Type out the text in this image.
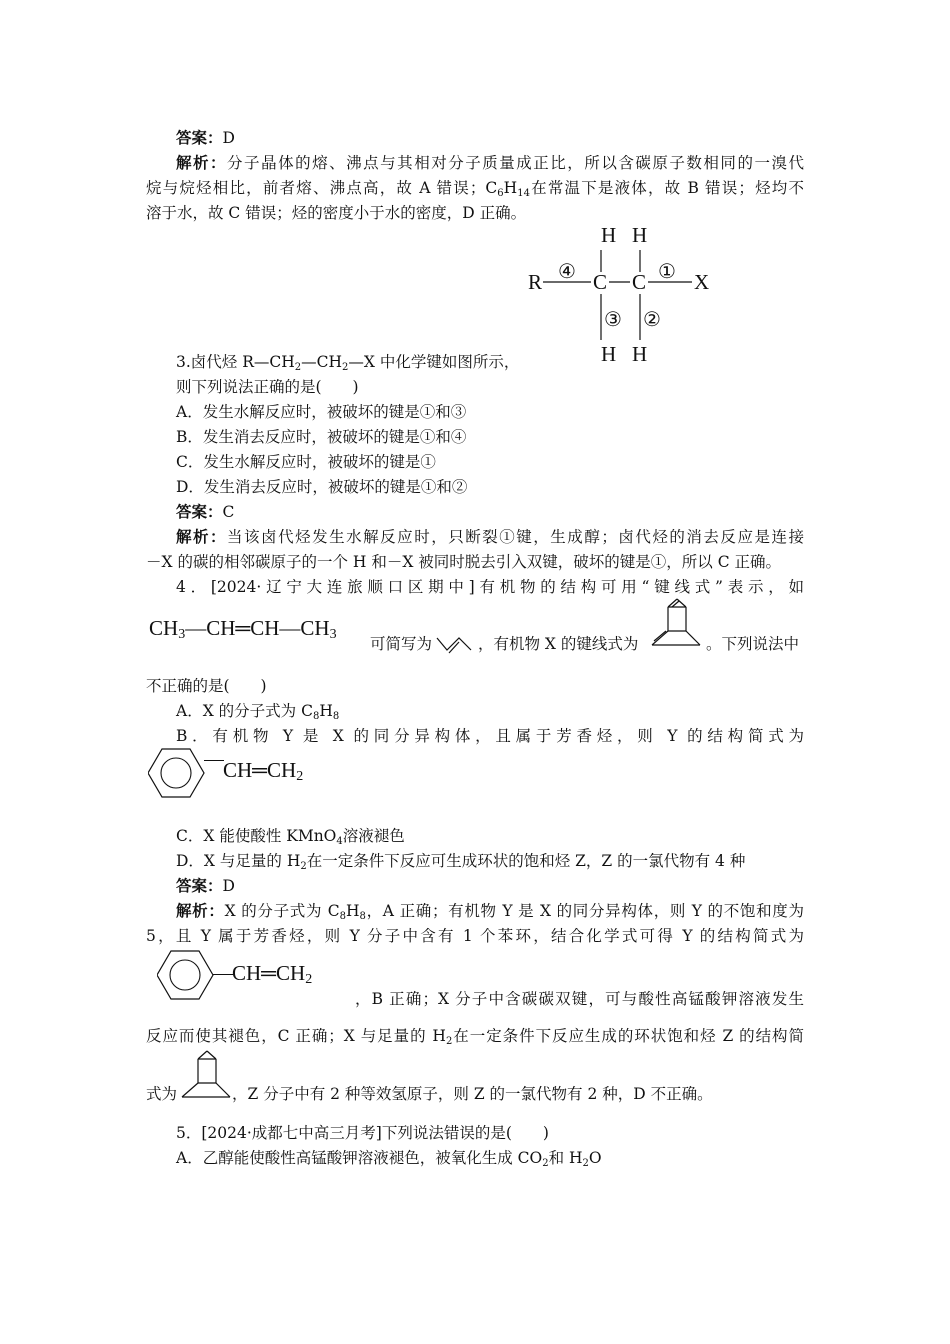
答案：D
解析：分子晶体的熔、沸点与其相对分子质量成正比，所以含碳原子数相同的一溴代
烷与烷烃相比，前者熔、沸点高，故 A 错误；$C_6H_{14}$在常温下是液体，故 B 错误；烃均不
溶于水，故 C 错误；烃的密度小于水的密度，D 正确。
H H
R C C X
H H
④	①
③ ②
3.卤代烃 $R—CH_2—CH_2—X$ 中化学键如图所示，
则下列说法正确的是(　　)
A．发生水解反应时，被破坏的键是①和③
B．发生消去反应时，被破坏的键是①和④
C．发生水解反应时，被破坏的键是①
D．发生消去反应时，被破坏的键是①和②
答案：C
解析：当该卤代烃发生水解反应时，只断裂①键，生成醇；卤代烃的消去反应是连接
－X 的碳的相邻碳原子的一个 H 和－X 被同时脱去引入双键，破坏的键是①，所以 C 正确。
4．[2024·辽宁大连旅顺口区期中]有机物的结构可用“键线式”表示，如
$CH_3—CH═CH—CH_3$
可简写为	，有机物 X 的键线式为	。下列说法中
不正确的是(　　)
A．X 的分子式为 $C_8H_8$
B．有机物 Y 是 X 的同分异构体，且属于芳香烃，则 Y 的结构简式为
$CH═CH_2$
C．X 能使酸性 KMnO$_4$溶液褪色
D．X 与足量的 $H_2$在一定条件下反应可生成环状的饱和烃 Z，Z 的一氯代物有 4 种
答案：D
解析：X 的分子式为 $C_8H_8$，A 正确；有机物 Y 是 X 的同分异构体，则 Y 的不饱和度为
5，且 Y 属于芳香烃，则 Y 分子中含有 1 个苯环，结合化学式可得 Y 的结构简式为
$CH═CH_2$
，B 正确；X 分子中含碳碳双键，可与酸性高锰酸钾溶液发生
反应而使其褪色，C 正确；X 与足量的 $H_2$在一定条件下反应生成的环状饱和烃 Z 的结构简
式为	，Z 分子中有 2 种等效氢原子，则 Z 的一氯代物有 2 种，D 不正确。
5．[2024·成都七中高三月考]下列说法错误的是(　　)
A．乙醇能使酸性高锰酸钾溶液褪色，被氧化生成 $CO_2$和 $H_2O$
